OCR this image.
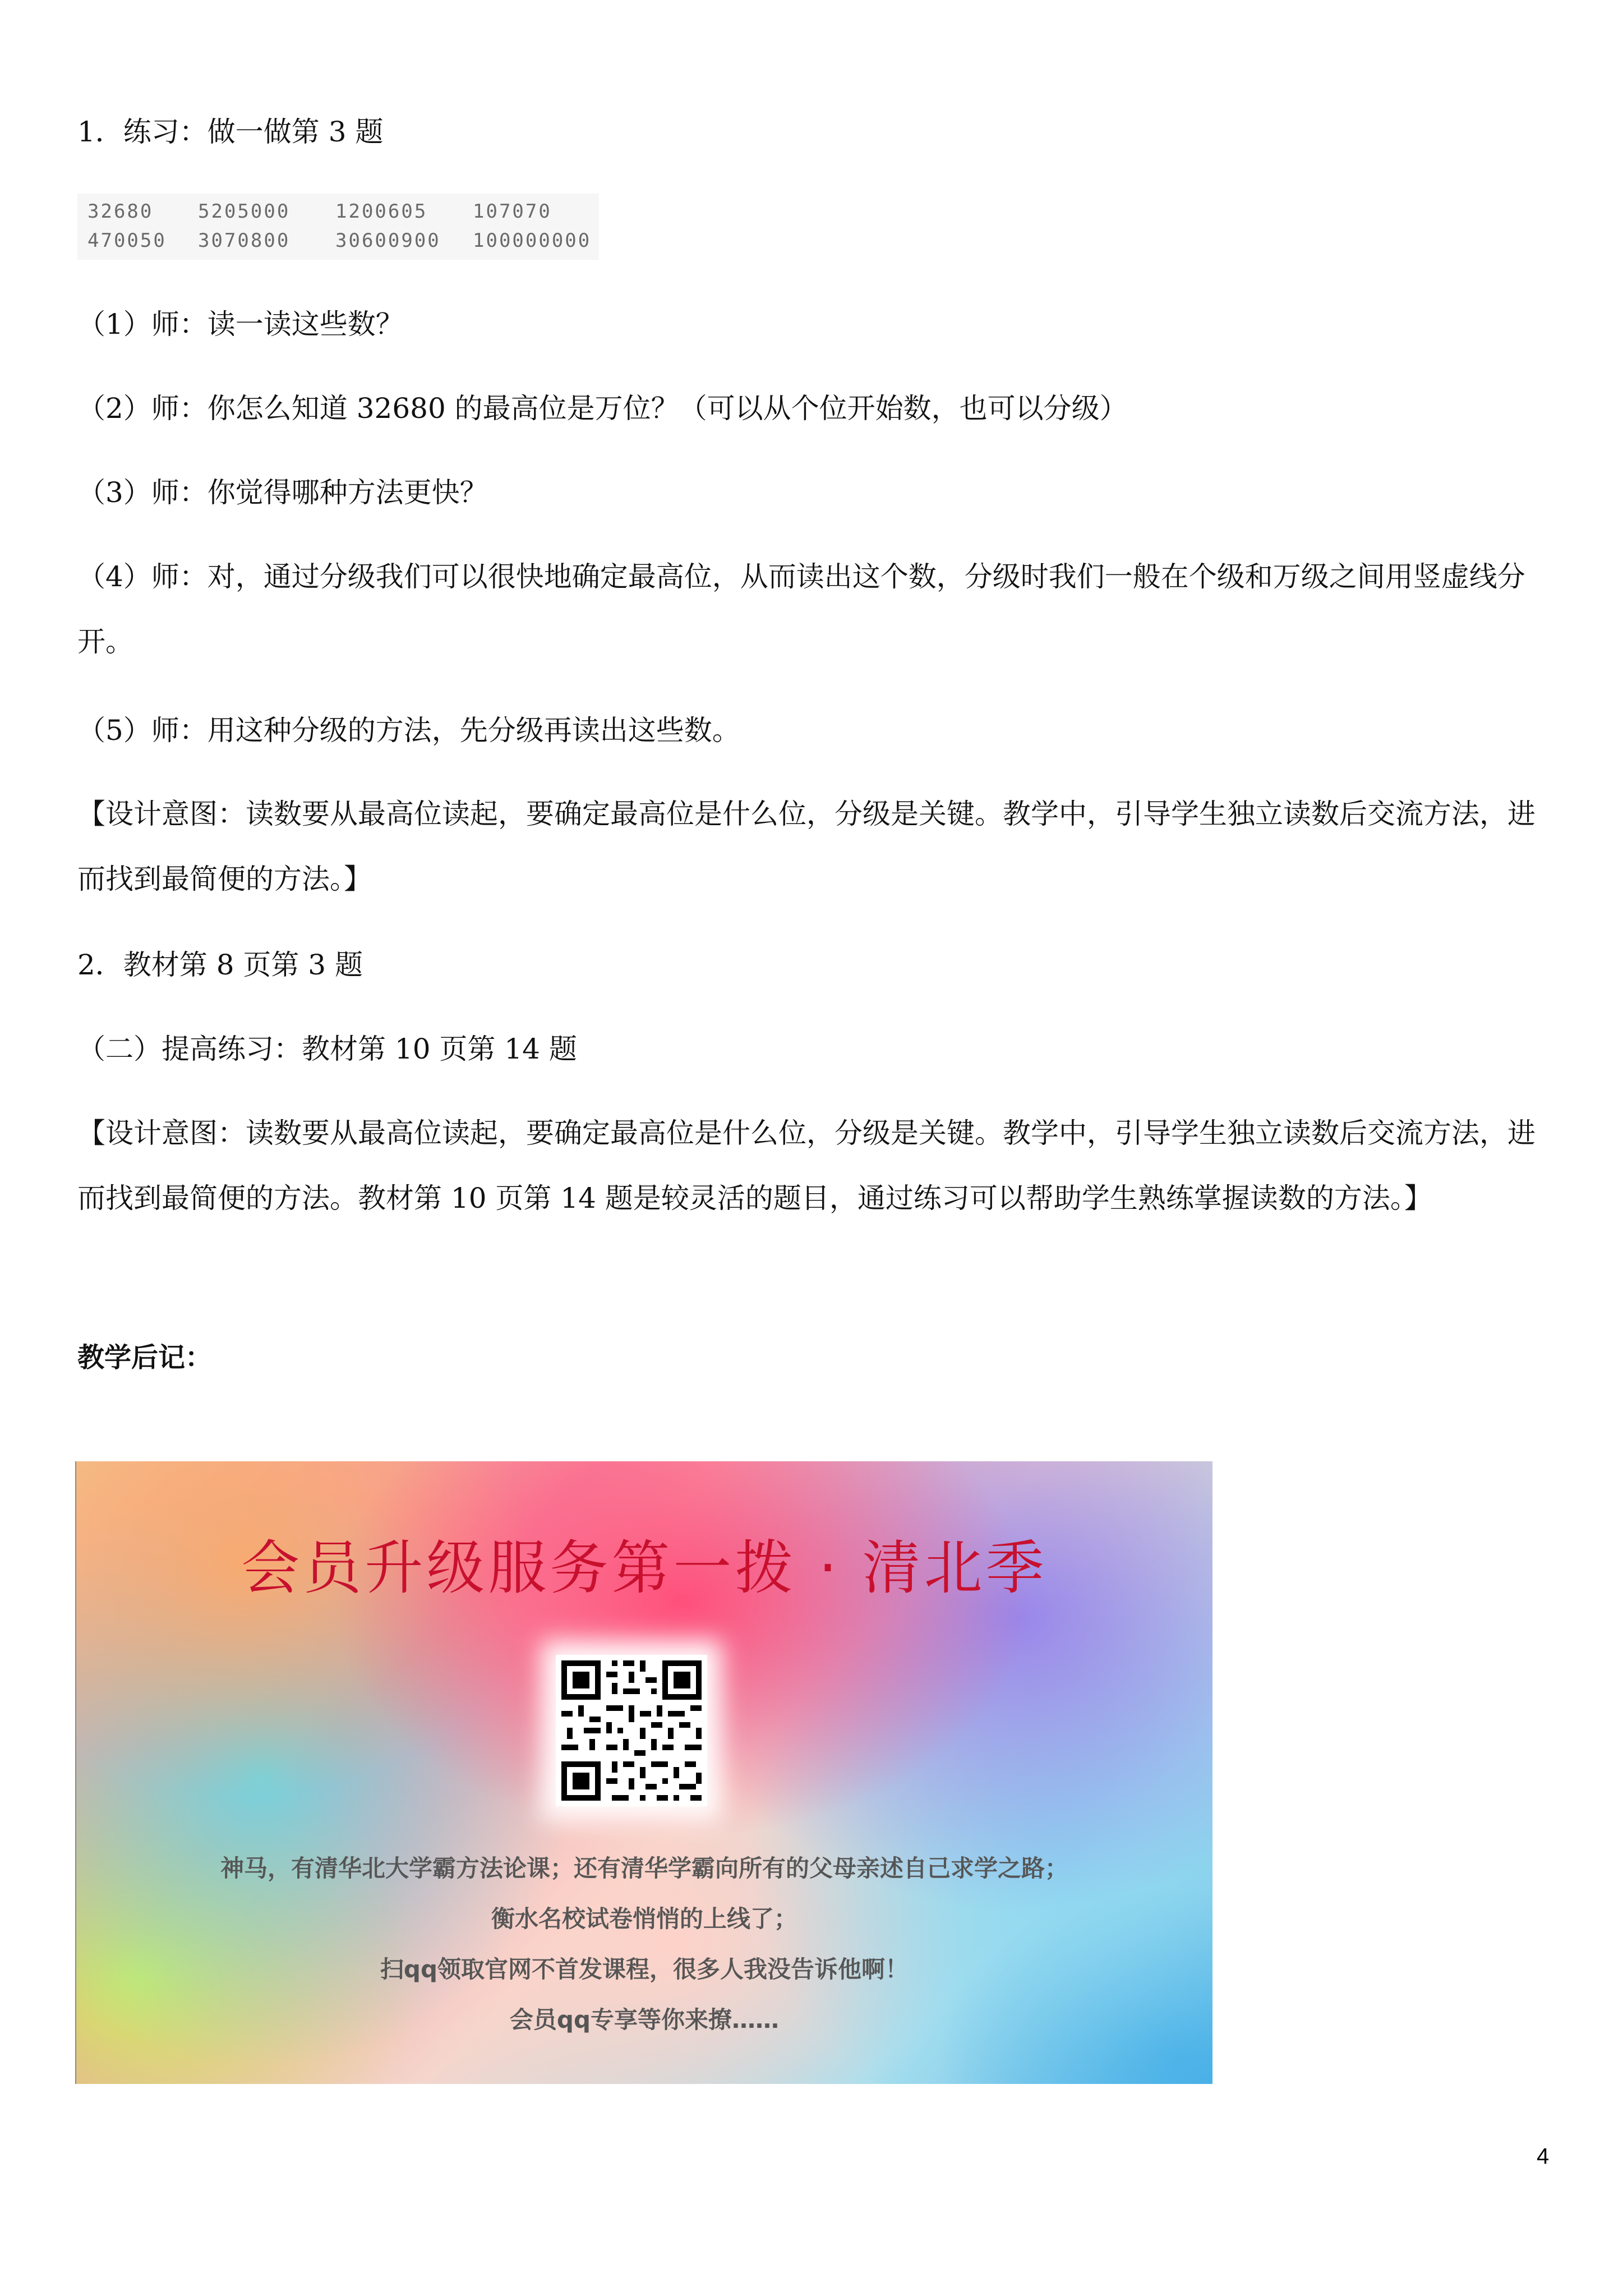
1．练习：做一做第 3 题
32680 5205000 1200605 107070
470050 3070800 30600900 100000000
（1）师：读一读这些数？
（2）师：你怎么知道 32680 的最高位是万位？（可以从个位开始数，也可以分级）
（3）师：你觉得哪种方法更快？
（4）师：对，通过分级我们可以很快地确定最高位，从而读出这个数，分级时我们一般在个级和万级之间用竖虚线分开。
（5）师：用这种分级的方法，先分级再读出这些数。
【设计意图：读数要从最高位读起，要确定最高位是什么位，分级是关键。教学中，引导学生独立读数后交流方法，进而找到最简便的方法。】
2．教材第 8 页第 3 题
（二）提高练习：教材第 10 页第 14 题
【设计意图：读数要从最高位读起，要确定最高位是什么位，分级是关键。教学中，引导学生独立读数后交流方法，进而找到最简便的方法。教材第 10 页第 14 题是较灵活的题目，通过练习可以帮助学生熟练掌握读数的方法。】
教学后记：
会员升级服务第一拨 · 清北季
神马，有清华北大学霸方法论课；还有清华学霸向所有的父母亲述自己求学之路；
衡水名校试卷悄悄的上线了；
扫qq领取官网不首发课程，很多人我没告诉他啊！
会员qq专享等你来撩……
4
